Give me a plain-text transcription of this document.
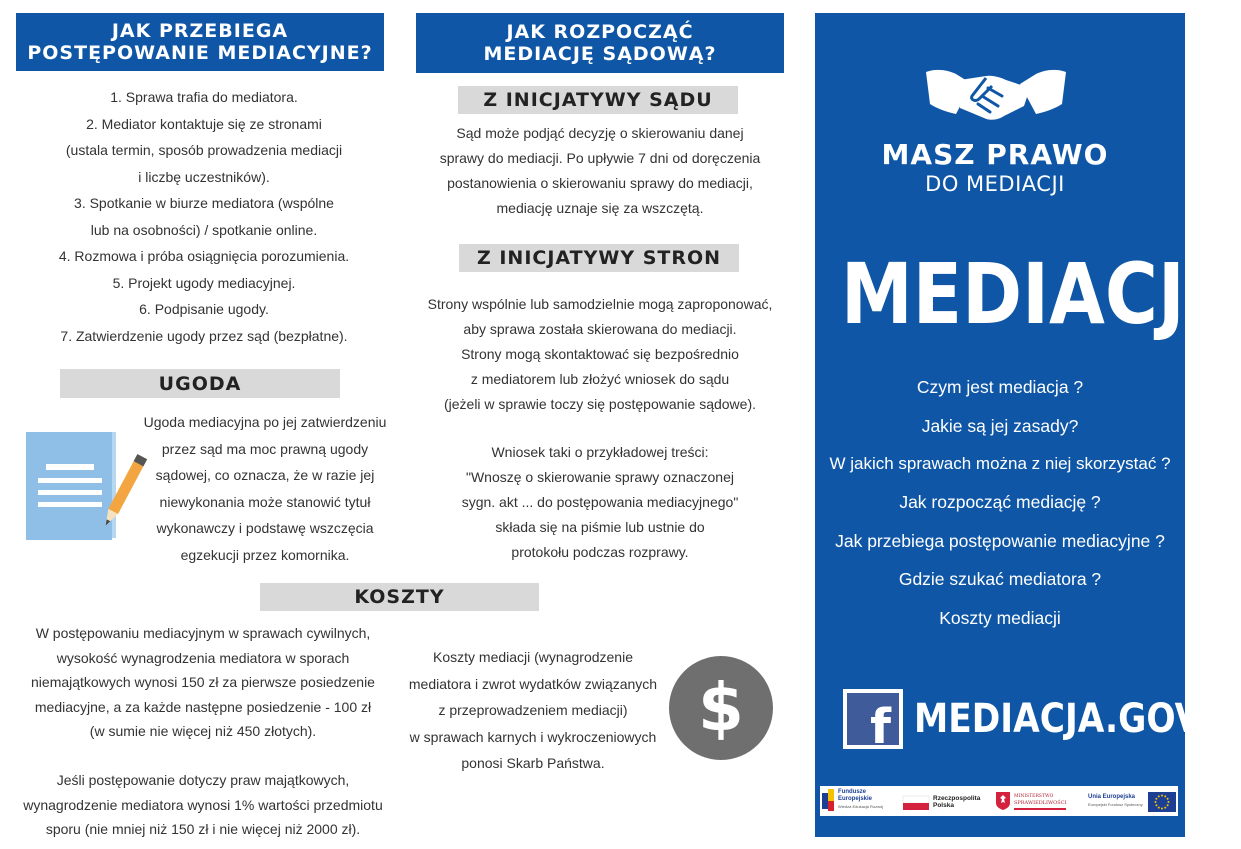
JAK PRZEBIEGA
POSTĘPOWANIE MEDIACYJNE?
1. Sprawa trafia do mediatora.
2. Mediator kontaktuje się ze stronami
(ustala termin, sposób prowadzenia mediacji
i liczbę uczestników).
3. Spotkanie w biurze mediatora (wspólne
lub na osobności) / spotkanie online.
4. Rozmowa i próba osiągnięcia porozumienia.
5. Projekt ugody mediacyjnej.
6. Podpisanie ugody.
7. Zatwierdzenie ugody przez sąd (bezpłatne).
UGODA
Ugoda mediacyjna po jej zatwierdzeniu
przez sąd ma moc prawną ugody
sądowej, co oznacza, że w razie jej
niewykonania może stanowić tytuł
wykonawczy i podstawę wszczęcia
egzekucji przez komornika.
JAK ROZPOCZĄĆ
MEDIACJĘ SĄDOWĄ?
Z INICJATYWY SĄDU
Sąd może podjąć decyzję o skierowaniu danej
sprawy do mediacji. Po upływie 7 dni od doręczenia
postanowienia o skierowaniu sprawy do mediacji,
mediację uznaje się za wszczętą.
Z INICJATYWY STRON
Strony wspólnie lub samodzielnie mogą zaproponować,
aby sprawa została skierowana do mediacji.
Strony mogą skontaktować się bezpośrednio
z mediatorem lub złożyć wniosek do sądu
(jeżeli w sprawie toczy się postępowanie sądowe).
Wniosek taki o przykładowej treści:
"Wnoszę o skierowanie sprawy oznaczonej
sygn. akt ... do postępowania mediacyjnego"
składa się na piśmie lub ustnie do
protokołu podczas rozprawy.
KOSZTY
W postępowaniu mediacyjnym w sprawach cywilnych,
wysokość wynagrodzenia mediatora w sporach
niemajątkowych wynosi 150 zł za pierwsze posiedzenie
mediacyjne, a za każde następne posiedzenie - 100 zł
(w sumie nie więcej niż 450 złotych).
Jeśli postępowanie dotyczy praw majątkowych,
wynagrodzenie mediatora wynosi 1% wartości przedmiotu
sporu (nie mniej niż 150 zł i nie więcej niż 2000 zł).
Koszty mediacji (wynagrodzenie
mediatora i zwrot wydatków związanych
z przeprowadzeniem mediacji)
w sprawach karnych i wykroczeniowych
ponosi Skarb Państwa.
$
MASZ PRAWO
DO MEDIACJI
MEDIACJA
Czym jest mediacja ?
Jakie są jej zasady?
W jakich sprawach można z niej skorzystać ?
Jak rozpocząć mediację ?
Jak przebiega postępowanie mediacyjne ?
Gdzie szukać mediatora ?
Koszty mediacji
f MEDIACJA.GOV
Fundusze
Europejskie
Wiedza Edukacja Rozwój
Rzeczpospolita
Polska
MINISTERSTWO
SPRAWIEDLIWOŚCI
Unia Europejska
Europejski Fundusz Społeczny
